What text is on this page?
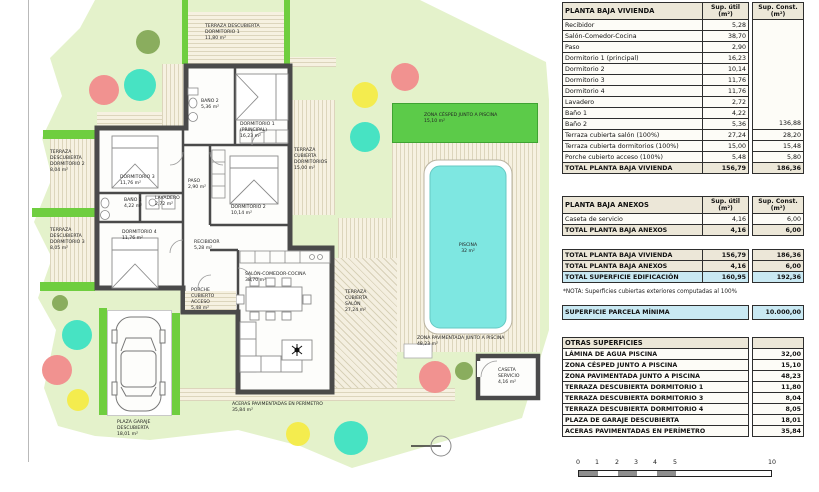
TERRAZA DESCUBIERTA DORMITORIO 1
11,80 m²
TERRAZA DESCUBIERTA DORMITORIO 2
8,04 m²
TERRAZA DESCUBIERTA DORMITORIO 3
8,05 m²
BAÑO 2
5,36 m²
DORMITORIO 1 (PRINCIPAL)
16,23 m²
TERRAZA CUBIERTA DORMITORIOS
15,00 m²
DORMITORIO 3
11,76 m²	PASO
2,90 m²
DORMITORIO 2
10,14 m²
BAÑO 1
4,22 m²
LAVADERO
2,72 m²
DORMITORIO 4
11,76 m²
RECIBIDOR
5,28 m²
SALÓN-COMEDOR-COCINA
38,70 m²
PORCHE CUBIERTO ACCESO
5,48 m²
TERRAZA CUBIERTA SALÓN
27,24 m²
ZONA CÉSPED JUNTO A PISCINA
15,10 m²
PISCINA
32 m²
ZONA PAVIMENTADA JUNTO A PISCINA
48,23 m²
CASETA SERVICIO
4,16 m²
ACERAS PAVIMENTADAS EN PERÍMETRO
35,84 m²
PLAZA GARAJE DESCUBIERTA
18,01 m²
PLANTA BAJA VIVIENDA	Sup. útil
(m²)

Sup. Const.
(m²)

Recibidor	5,28		
Salón-Comedor-Cocina	38,70		
Paso	2,90		
Dormitorio 1 (principal)	16,23		
Dormitorio 2	10,14		
Dormitorio 3	11,76		
Dormitorio 4	11,76		
Lavadero	2,72		
Baño 1	4,22		
Baño 2	5,36		136,88
Terraza cubierta salón (100%)	27,24		28,20
Terraza cubierta dormitorios (100%)	15,00		15,48
Porche cubierto acceso (100%)	5,48		5,80
TOTAL PLANTA BAJA VIVIENDA	156,79		186,36
PLANTA BAJA ANEXOS	Sup. útil
(m²)

Sup. Const.
(m²)

Caseta de servicio	4,16		6,00
TOTAL PLANTA BAJA ANEXOS	4,16		6,00
TOTAL PLANTA BAJA VIVIENDA	156,79		186,36
TOTAL PLANTA BAJA ANEXOS	4,16		6,00
TOTAL SUPERFICIE EDIFICACIÓN	160,95		192,36
*NOTA: Superficies cubiertas exteriores computadas al 100%
SUPERFICIE PARCELA MÍNIMA		10.000,00
OTRAS SUPERFICIES		
LÁMINA DE AGUA PISCINA		32,00
ZONA CÉSPED JUNTO A PISCINA		15,10
ZONA PAVIMENTADA JUNTO A PISCINA		48,23
TERRAZA DESCUBIERTA DORMITORIO 1		11,80
TERRAZA DESCUBIERTA DORMITORIO 3		8,04
TERRAZA DESCUBIERTA DORMITORIO 4		8,05
PLAZA DE GARAJE DESCUBIERTA		18,01
ACERAS PAVIMENTADAS EN PERÍMETRO		35,84
0	1	2	3	4	5	10
